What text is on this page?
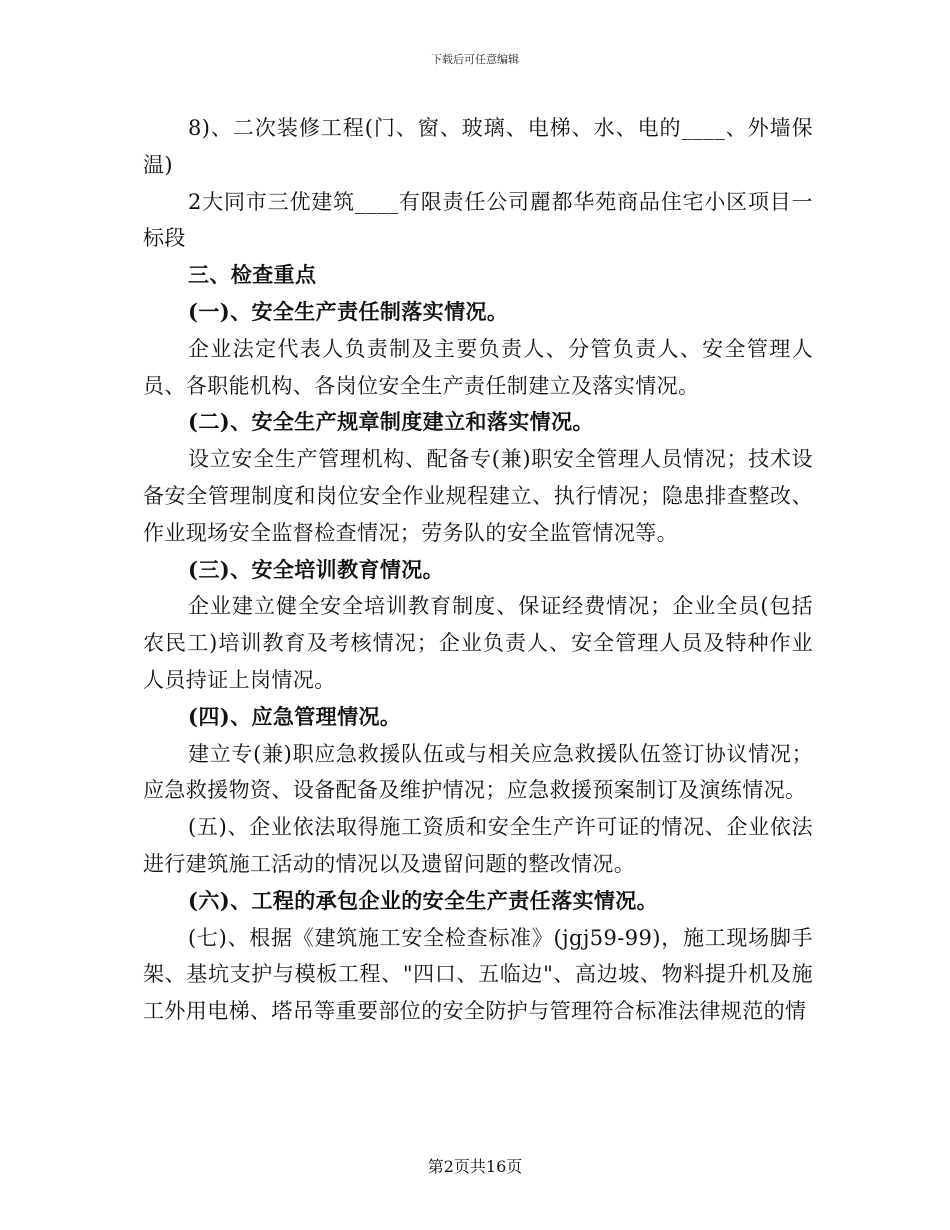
下载后可任意编辑

8)、二次装修工程(门、窗、玻璃、电梯、水、电的____、外墙保温)

2大同市三优建筑____有限责任公司麗都华苑商品住宅小区项目一标段

三、检查重点

(一)、安全生产责任制落实情况。

企业法定代表人负责制及主要负责人、分管负责人、安全管理人员、各职能机构、各岗位安全生产责任制建立及落实情况。

(二)、安全生产规章制度建立和落实情况。

设立安全生产管理机构、配备专(兼)职安全管理人员情况；技术设备安全管理制度和岗位安全作业规程建立、执行情况；隐患排查整改、作业现场安全监督检查情况；劳务队的安全监管情况等。

(三)、安全培训教育情况。

企业建立健全安全培训教育制度、保证经费情况；企业全员(包括农民工)培训教育及考核情况；企业负责人、安全管理人员及特种作业人员持证上岗情况。

(四)、应急管理情况。

建立专(兼)职应急救援队伍或与相关应急救援队伍签订协议情况；应急救援物资、设备配备及维护情况；应急救援预案制订及演练情况。

(五)、企业依法取得施工资质和安全生产许可证的情况、企业依法进行建筑施工活动的情况以及遗留问题的整改情况。

(六)、工程的承包企业的安全生产责任落实情况。

(七)、根据《建筑施工安全检查标准》(jgj59-99)，施工现场脚手架、基坑支护与模板工程、"四口、五临边"、高边坡、物料提升机及施工外用电梯、塔吊等重要部位的安全防护与管理符合标准法律规范的情

第2页共16页
